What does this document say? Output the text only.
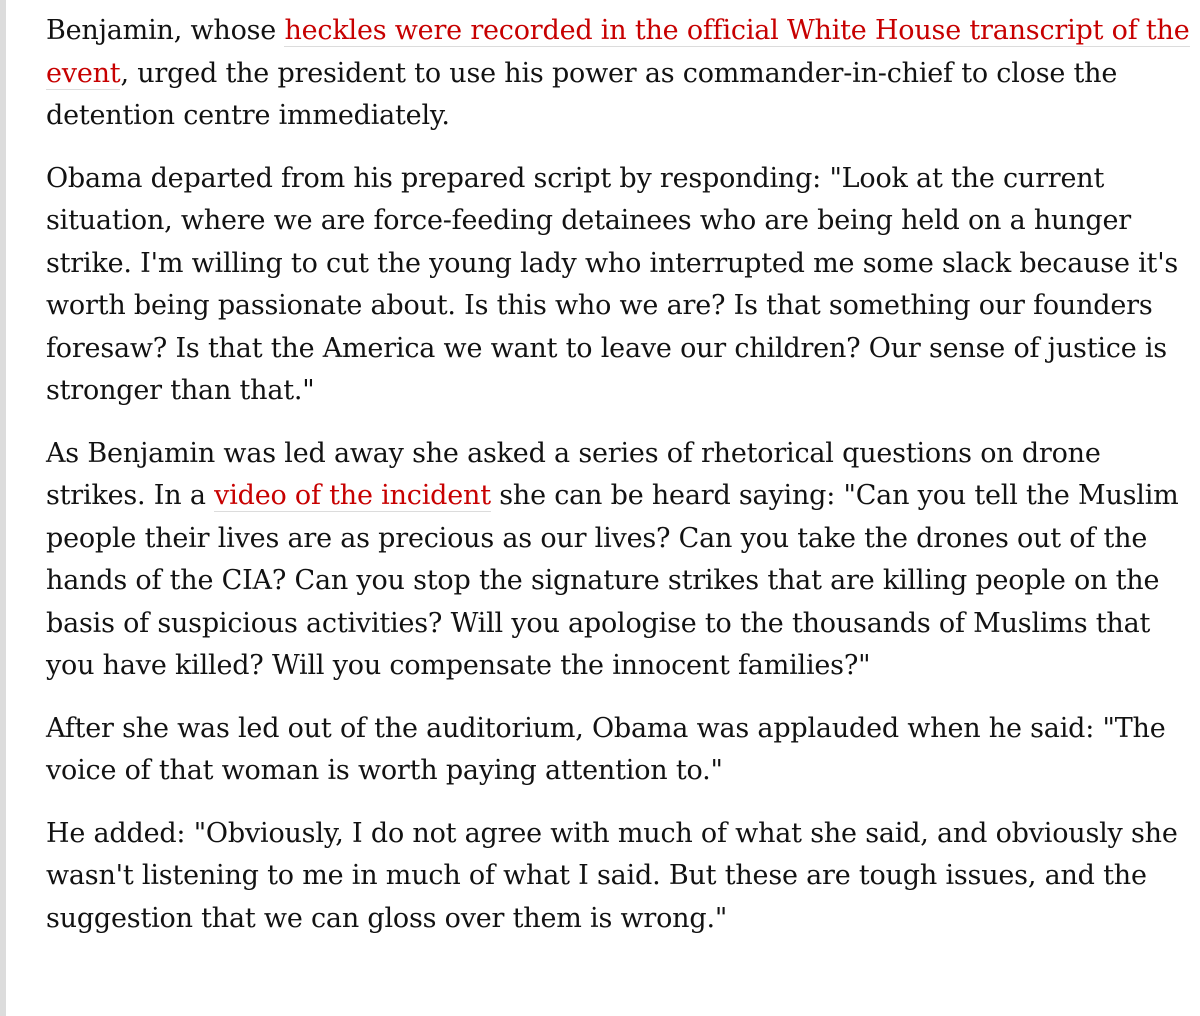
Benjamin, whose heckles were recorded in the official White House transcript of the event, urged the president to use his power as commander-in-chief to close the detention centre immediately.

Obama departed from his prepared script by responding: "Look at the current situation, where we are force-feeding detainees who are being held on a hunger strike. I'm willing to cut the young lady who interrupted me some slack because it's worth being passionate about. Is this who we are? Is that something our founders foresaw? Is that the America we want to leave our children? Our sense of justice is stronger than that."

As Benjamin was led away she asked a series of rhetorical questions on drone strikes. In a video of the incident she can be heard saying: "Can you tell the Muslim people their lives are as precious as our lives? Can you take the drones out of the hands of the CIA? Can you stop the signature strikes that are killing people on the basis of suspicious activities? Will you apologise to the thousands of Muslims that you have killed? Will you compensate the innocent families?"

After she was led out of the auditorium, Obama was applauded when he said: "The voice of that woman is worth paying attention to."

He added: "Obviously, I do not agree with much of what she said, and obviously she wasn't listening to me in much of what I said. But these are tough issues, and the suggestion that we can gloss over them is wrong."
